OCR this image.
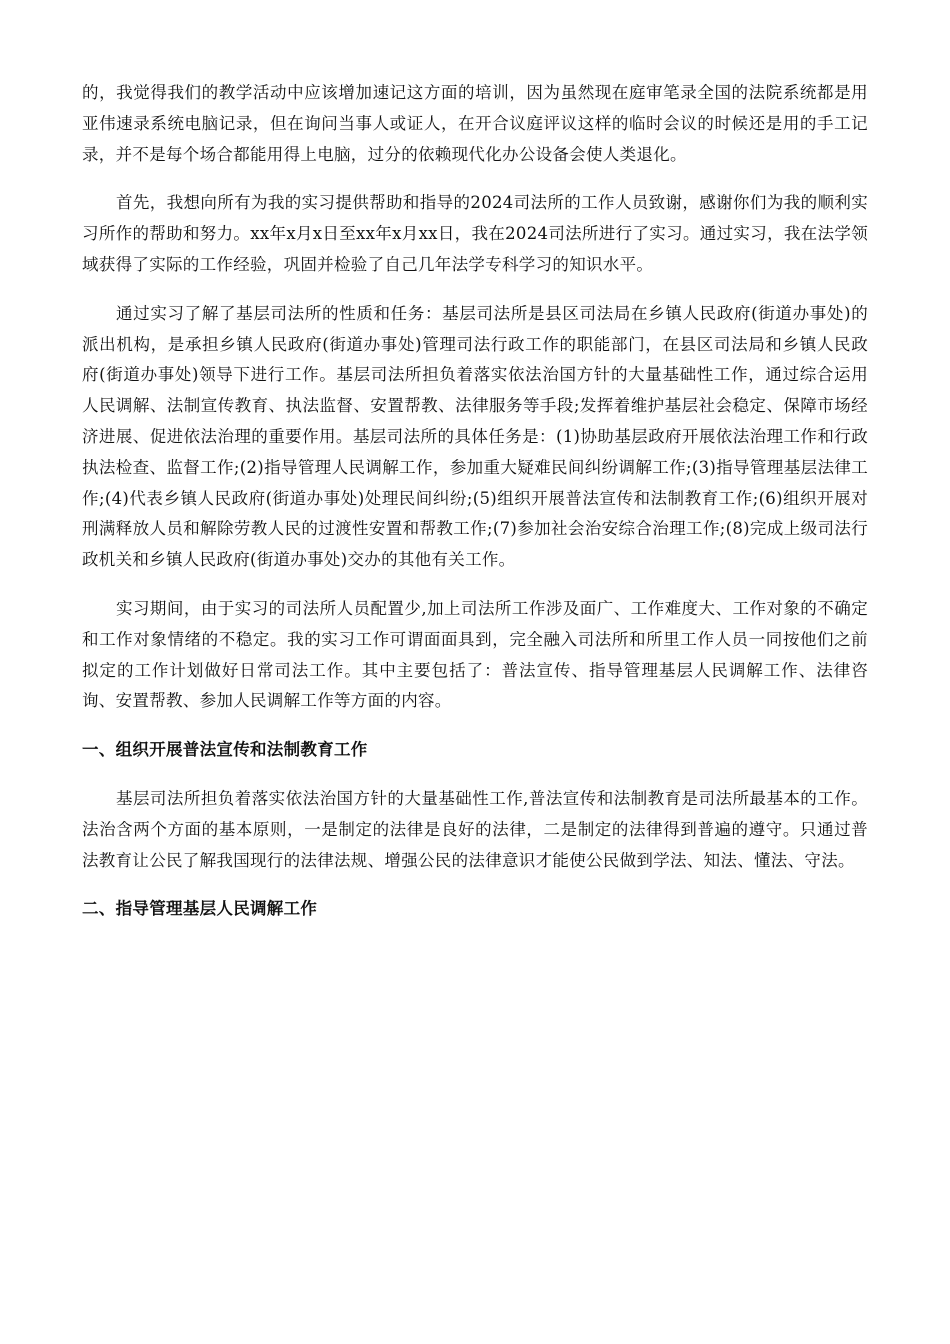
的，我觉得我们的教学活动中应该增加速记这方面的培训，因为虽然现在庭审笔录全国的法院系统都是用亚伟速录系统电脑记录，但在询问当事人或证人，在开合议庭评议这样的临时会议的时候还是用的手工记录，并不是每个场合都能用得上电脑，过分的依赖现代化办公设备会使人类退化。

首先，我想向所有为我的实习提供帮助和指导的2024司法所的工作人员致谢，感谢你们为我的顺利实习所作的帮助和努力。xx年x月x日至xx年x月xx日，我在2024司法所进行了实习。通过实习，我在法学领域获得了实际的工作经验，巩固并检验了自己几年法学专科学习的知识水平。

通过实习了解了基层司法所的性质和任务：基层司法所是县区司法局在乡镇人民政府(街道办事处)的派出机构，是承担乡镇人民政府(街道办事处)管理司法行政工作的职能部门，在县区司法局和乡镇人民政府(街道办事处)领导下进行工作。基层司法所担负着落实依法治国方针的大量基础性工作，通过综合运用人民调解、法制宣传教育、执法监督、安置帮教、法律服务等手段;发挥着维护基层社会稳定、保障市场经济进展、促进依法治理的重要作用。基层司法所的具体任务是：(1)协助基层政府开展依法治理工作和行政执法检查、监督工作;(2)指导管理人民调解工作，参加重大疑难民间纠纷调解工作;(3)指导管理基层法律工作;(4)代表乡镇人民政府(街道办事处)处理民间纠纷;(5)组织开展普法宣传和法制教育工作;(6)组织开展对刑满释放人员和解除劳教人民的过渡性安置和帮教工作;(7)参加社会治安综合治理工作;(8)完成上级司法行政机关和乡镇人民政府(街道办事处)交办的其他有关工作。

实习期间，由于实习的司法所人员配置少,加上司法所工作涉及面广、工作难度大、工作对象的不确定和工作对象情绪的不稳定。我的实习工作可谓面面具到，完全融入司法所和所里工作人员一同按他们之前拟定的工作计划做好日常司法工作。其中主要包括了：普法宣传、指导管理基层人民调解工作、法律咨询、安置帮教、参加人民调解工作等方面的内容。

一、组织开展普法宣传和法制教育工作

基层司法所担负着落实依法治国方针的大量基础性工作,普法宣传和法制教育是司法所最基本的工作。法治含两个方面的基本原则，一是制定的法律是良好的法律，二是制定的法律得到普遍的遵守。只通过普法教育让公民了解我国现行的法律法规、增强公民的法律意识才能使公民做到学法、知法、懂法、守法。

二、指导管理基层人民调解工作
